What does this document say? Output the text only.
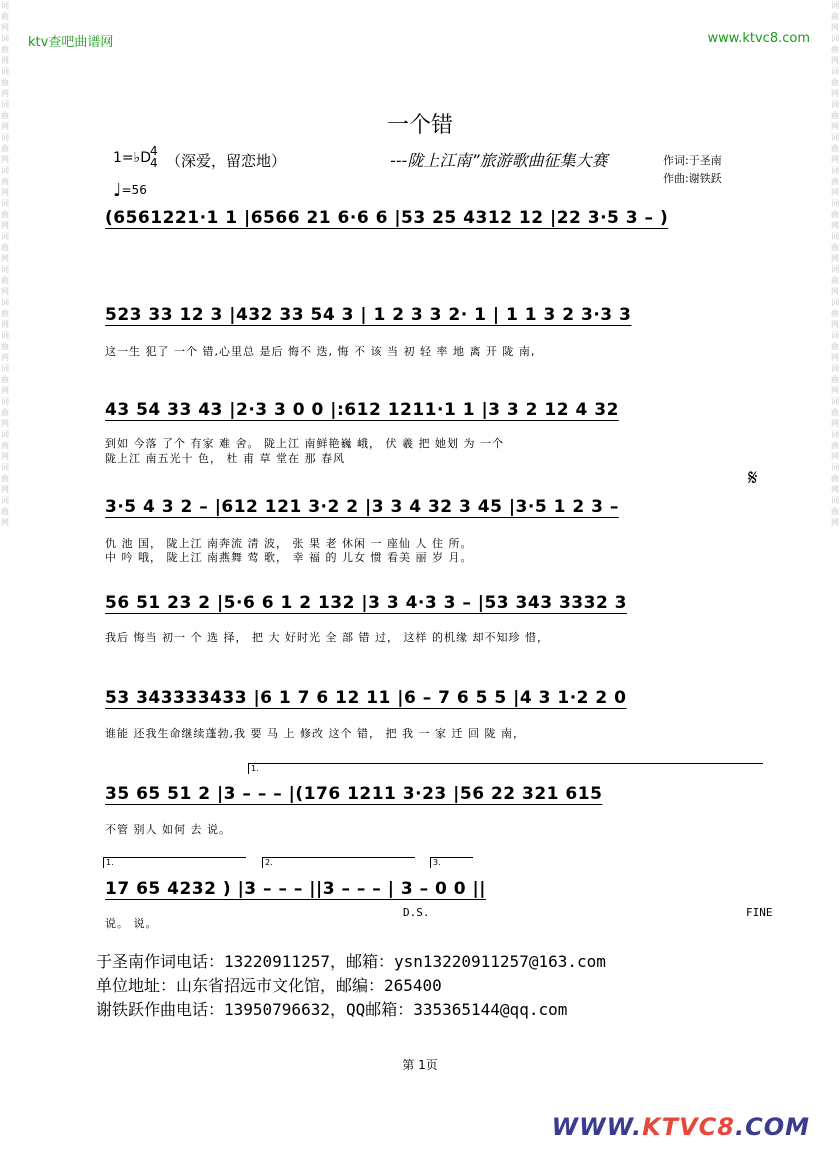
词曲网词曲网词曲网词曲网词曲网词曲网词曲网词曲网词曲网词曲网词曲网词曲网词曲网词曲网词曲网词曲网
词曲网词曲网词曲网词曲网词曲网词曲网词曲网词曲网词曲网词曲网词曲网词曲网词曲网词曲网词曲网词曲网
ktv查吧曲谱网	www.ktvc8.com
一个错
1=♭D
4
4 （深爱，留恋地）	---陇上江南”旅游歌曲征集大赛	作词:于圣南
作曲:谢铁跃
♩=56
(6561221·1 1 |6566 21 6·6 6 |53 25 4312 12 |22 3·5 3 – )
523 33 12 3 |432 33 54 3 | 1 2 3 3 2· 1 | 1 1 3 2 3·3 3
这一生 犯了 一个 错,心里总 是后 悔不 迭, 悔 不 该 当 初 轻 率 地 离 开 陇 南,
43 54 33 43 |2·3 3 0 0 |:612 1211·1 1 |3 3 2 12 4 32
到如 今落 了个 有家 难 舍。 陇上江 南鲜艳巍 峨， 伏 羲 把 她划 为 一个
陇上江 南五光十 色， 杜 甫 草 堂在 那 春风
𝄋
3·5 4 3 2 – |612 121 3·2 2 |3 3 4 32 3 45 |3·5 1 2 3 –
仇 池 国， 陇上江 南奔流 清 波， 张 果 老 休闲 一 座仙 人 住 所。
中 吟 哦， 陇上江 南燕舞 莺 歌， 幸 福 的 儿女 惯 看美 丽 岁 月。
56 51 23 2 |5·6 6 1 2 132 |3 3 4·3 3 – |53 343 3332 3
我后 悔当 初一 个 选 择， 把 大 好时光 全 部 错 过， 这样 的机缘 却不知珍 惜，
53 343333433 |6 1 7 6 12 11 |6 – 7 6 5 5 |4 3 1·2 2 0
谁能 还我生命继续蓬勃,我 要 马 上 修改 这个 错， 把 我 一 家 迁 回 陇 南，
1.
35 65 51 2 |3 – – – |(176 1211 3·23 |56 22 321 615
不管 别人 如何 去 说。
1.	2.	3.
17 65 4232 ) |3 – – – ||3 – – – | 3 – 0 0 ||
说。 说。
D.S.	FINE
于圣南作词电话：13220911257，邮箱：ysn13220911257@163.com
单位地址：山东省招远市文化馆，邮编：265400
谢铁跃作曲电话：13950796632，QQ邮箱：335365144@qq.com
第 1页
WWW.KTVC8.COM
